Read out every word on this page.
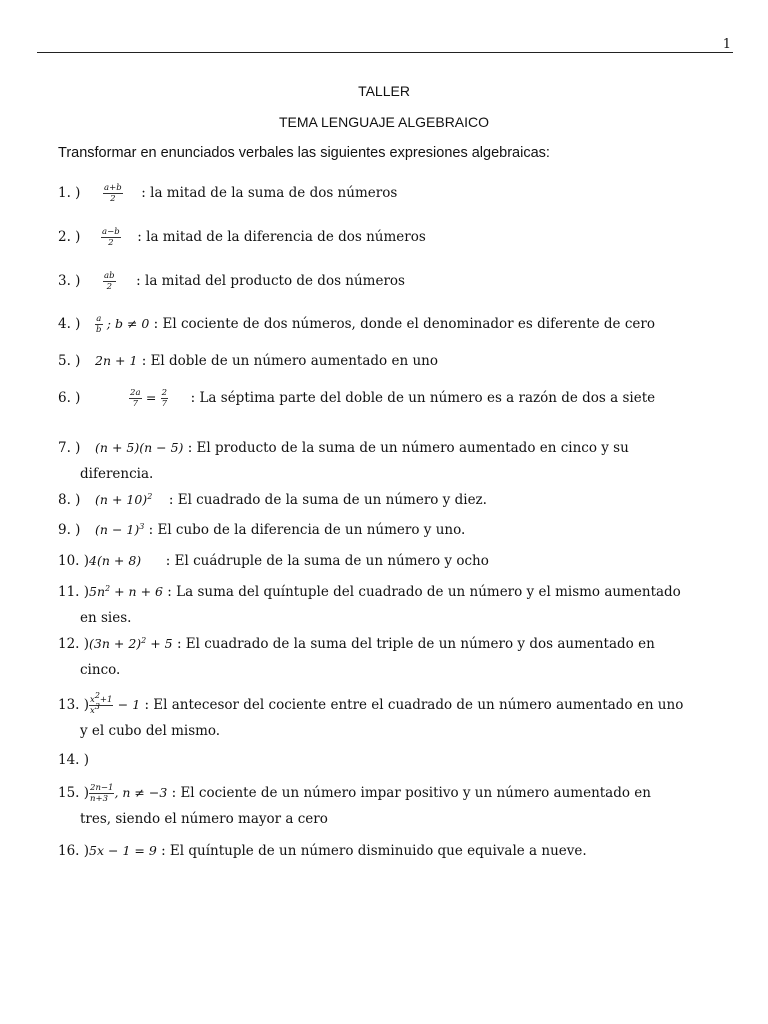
1
TALLER
TEMA LENGUAJE ALGEBRAICO
Transformar en enunciados verbales las siguientes expresiones algebraicas:
1. )	$\frac{a+b}{2}$ : la mitad de la suma de dos números
2. ) $\frac{a-b}{2}$ : la mitad de la diferencia de dos números
3. )	$\frac{ab}{2}$ : la mitad del producto de dos números
4. ) $\frac{a}{b}$ ; b ≠ 0 : El cociente de dos números, donde el denominador es diferente de cero
5. ) 2n + 1 : El doble de un número aumentado en uno
6. )	$\frac{2a}{7} = \frac{2}{7}$ : La séptima parte del doble de un número es a razón de dos a siete
7. ) (n + 5)(n − 5) : El producto de la suma de un número aumentado en cinco y su
diferencia.
8. ) $(n + 10)^2$ : El cuadrado de la suma de un número y diez.
9. ) $(n - 1)^3$ : El cubo de la diferencia de un número y uno.
10. )4(n + 8) : El cuádruple de la suma de un número y ocho
11. )$5n^2 + n + 6$ : La suma del quíntuple del cuadrado de un número y el mismo aumentado
en sies.
12. )$(3n + 2)^2 + 5$ : El cuadrado de la suma del triple de un número y dos aumentado en
cinco.
13. ) $\frac{x^2+1}{x^3} - 1$ : El antecesor del cociente entre el cuadrado de un número aumentado en uno
y el cubo del mismo.
14. )
15. ) $\frac{2n-1}{n+3}$ , n ≠ −3 : El cociente de un número impar positivo y un número aumentado en
tres, siendo el número mayor a cero
16. )5x − 1 = 9 : El quíntuple de un número disminuido que equivale a nueve.
